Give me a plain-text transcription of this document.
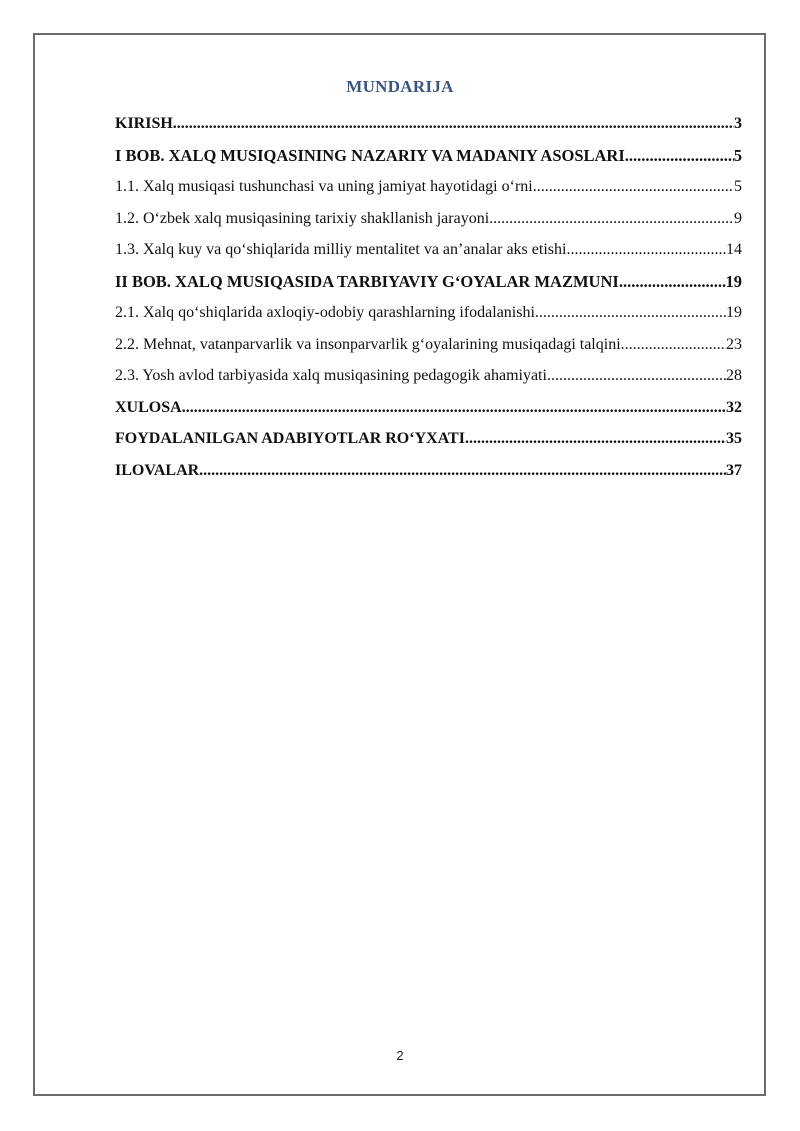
MUNDARIJA
KIRISH .....	3
I BOB. XALQ MUSIQASINING NAZARIY VA MADANIY ASOSLARI .....	5
1.1. Xalq musiqasi tushunchasi va uning jamiyat hayotidagi o‘rni .....	5
1.2. O‘zbek xalq musiqasining tarixiy shakllanish jarayoni .....	9
1.3. Xalq kuy va qo‘shiqlarida milliy mentalitet va an’analar aks etishi .....	14
II BOB. XALQ MUSIQASIDA TARBIYAVIY G‘OYALAR MAZMUNI .....	19
2.1. Xalq qo‘shiqlarida axloqiy-odobiy qarashlarning ifodalanishi .....	19
2.2. Mehnat, vatanparvarlik va insonparvarlik g‘oyalarining musiqadagi talqini .....	23
2.3. Yosh avlod tarbiyasida xalq musiqasining pedagogik ahamiyati .....	28
XULOSA .....	32
FOYDALANILGAN ADABIYOTLAR RO‘YXATI .....	35
ILOVALAR .....	37
2
